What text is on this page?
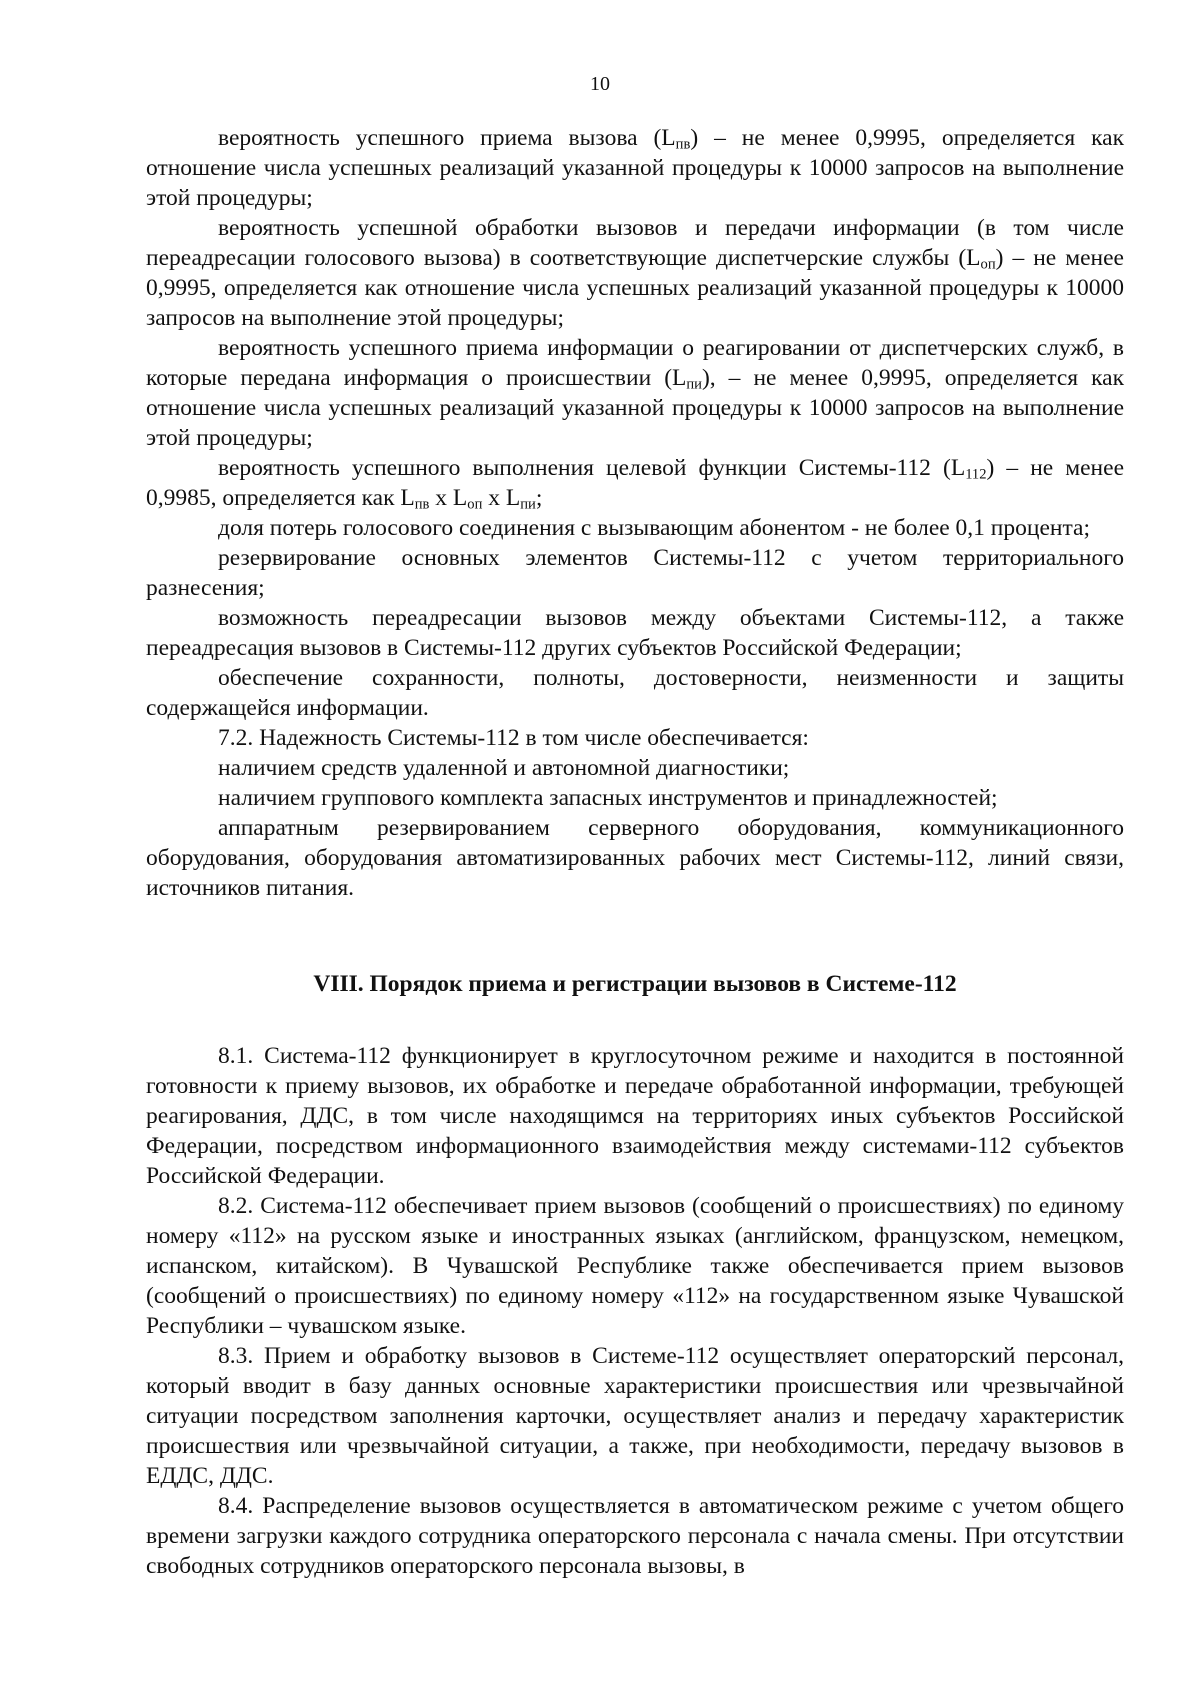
10

вероятность успешного приема вызова $(L_{пв})$ – не менее 0,9995, определяется как отношение числа успешных реализаций указанной процедуры к 10000 запросов на выполнение этой процедуры;

вероятность успешной обработки вызовов и передачи информации (в том числе переадресации голосового вызова) в соответствующие диспетчерские службы $(L_{оп})$ – не менее 0,9995, определяется как отношение числа успешных реализаций указанной процедуры к 10000 запросов на выполнение этой процедуры;

вероятность успешного приема информации о реагировании от диспетчерских служб, в которые передана информация о происшествии $(L_{пи})$, – не менее 0,9995, определяется как отношение числа успешных реализаций указанной процедуры к 10000 запросов на выполнение этой процедуры;

вероятность успешного выполнения целевой функции Системы-112 $(L_{112})$ – не менее 0,9985, определяется как $L_{пв}$ х $L_{оп}$ х $L_{пи}$;

доля потерь голосового соединения с вызывающим абонентом - не более 0,1 процента;

резервирование основных элементов Системы-112 с учетом территориального разнесения;

возможность переадресации вызовов между объектами Системы-112, а также переадресация вызовов в Системы-112 других субъектов Российской Федерации;

обеспечение сохранности, полноты, достоверности, неизменности и защиты содержащейся информации.

7.2. Надежность Системы-112 в том числе обеспечивается:

наличием средств удаленной и автономной диагностики;

наличием группового комплекта запасных инструментов и принадлежностей;

аппаратным резервированием серверного оборудования, коммуникационного оборудования, оборудования автоматизированных рабочих мест Системы-112, линий связи, источников питания.

VIII. Порядок приема и регистрации вызовов в Системе-112

8.1. Система-112 функционирует в круглосуточном режиме и находится в постоянной готовности к приему вызовов, их обработке и передаче обработанной информации, требующей реагирования, ДДС, в том числе находящимся на территориях иных субъектов Российской Федерации, посредством информационного взаимодействия между системами-112 субъектов Российской Федерации.

8.2. Система-112 обеспечивает прием вызовов (сообщений о происшествиях) по единому номеру «112» на русском языке и иностранных языках (английском, французском, немецком, испанском, китайском). В Чувашской Республике также обеспечивается прием вызовов (сообщений о происшествиях) по единому номеру «112» на государственном языке Чувашской Республики – чувашском языке.

8.3. Прием и обработку вызовов в Системе-112 осуществляет операторский персонал, который вводит в базу данных основные характеристики происшествия или чрезвычайной ситуации посредством заполнения карточки, осуществляет анализ и передачу характеристик происшествия или чрезвычайной ситуации, а также, при необходимости, передачу вызовов в ЕДДС, ДДС.

8.4. Распределение вызовов осуществляется в автоматическом режиме с учетом общего времени загрузки каждого сотрудника операторского персонала с начала смены. При отсутствии свободных сотрудников операторского персонала вызовы, в
